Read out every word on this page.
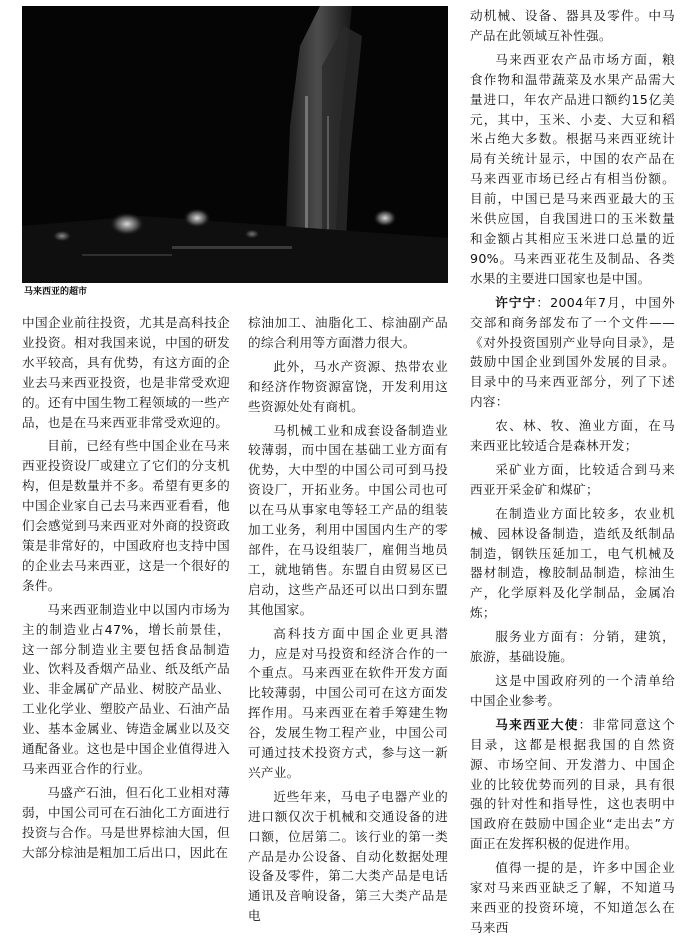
马来西亚的超市

中国企业前往投资，尤其是高科技企业投资。相对我国来说，中国的研发水平较高，具有优势，有这方面的企业去马来西亚投资，也是非常受欢迎的。还有中国生物工程领域的一些产品，也是在马来西亚非常受欢迎的。

目前，已经有些中国企业在马来西亚投资设厂或建立了它们的分支机构，但是数量并不多。希望有更多的中国企业家自己去马来西亚看看，他们会感觉到马来西亚对外商的投资政策是非常好的，中国政府也支持中国的企业去马来西亚，这是一个很好的条件。

马来西亚制造业中以国内市场为主的制造业占47%，增长前景佳，这一部分制造业主要包括食品制造业、饮料及香烟产品业、纸及纸产品业、非金属矿产品业、树胶产品业、工业化学业、塑胶产品业、石油产品业、基本金属业、铸造金属业以及交通配备业。这也是中国企业值得进入马来西亚合作的行业。

马盛产石油，但石化工业相对薄弱，中国公司可在石油化工方面进行投资与合作。马是世界棕油大国，但大部分棕油是粗加工后出口，因此在

棕油加工、油脂化工、棕油副产品的综合利用等方面潜力很大。

此外，马水产资源、热带农业和经济作物资源富饶，开发利用这些资源处处有商机。

马机械工业和成套设备制造业较薄弱，而中国在基础工业方面有优势，大中型的中国公司可到马投资设厂，开拓业务。中国公司也可以在马从事家电等轻工产品的组装加工业务，利用中国国内生产的零部件，在马设组装厂，雇佣当地员工，就地销售。东盟自由贸易区已启动，这些产品还可以出口到东盟其他国家。

高科技方面中国企业更具潜力，应是对马投资和经济合作的一个重点。马来西亚在软件开发方面比较薄弱，中国公司可在这方面发挥作用。马来西亚在着手筹建生物谷，发展生物工程产业，中国公司可通过技术投资方式，参与这一新兴产业。

近些年来，马电子电器产业的进口额仅次于机械和交通设备的进口额，位居第二。该行业的第一类产品是办公设备、自动化数据处理设备及零件，第二大类产品是电话通讯及音响设备，第三大类产品是电

动机械、设备、器具及零件。中马产品在此领域互补性强。

马来西亚农产品市场方面，粮食作物和温带蔬菜及水果产品需大量进口，年农产品进口额约15亿美元，其中，玉米、小麦、大豆和稻米占绝大多数。根据马来西亚统计局有关统计显示，中国的农产品在马来西亚市场已经占有相当份额。目前，中国已是马来西亚最大的玉米供应国，自我国进口的玉米数量和金额占其相应玉米进口总量的近90%。马来西亚花生及制品、各类水果的主要进口国家也是中国。

许宁宁：2004年7月，中国外交部和商务部发布了一个文件——《对外投资国别产业导向目录》，是鼓励中国企业到国外发展的目录。目录中的马来西亚部分，列了下述内容：

农、林、牧、渔业方面，在马来西亚比较适合是森林开发；

采矿业方面，比较适合到马来西亚开采金矿和煤矿；

在制造业方面比较多，农业机械、园林设备制造，造纸及纸制品制造，钢铁压延加工，电气机械及器材制造，橡胶制品制造，棕油生产，化学原料及化学制品，金属冶炼；

服务业方面有：分销，建筑，旅游，基础设施。

这是中国政府列的一个清单给中国企业参考。

马来西亚大使：非常同意这个目录，这都是根据我国的自然资源、市场空间、开发潜力、中国企业的比较优势而列的目录，具有很强的针对性和指导性，这也表明中国政府在鼓励中国企业“走出去”方面正在发挥积极的促进作用。

值得一提的是，许多中国企业家对马来西亚缺乏了解，不知道马来西亚的投资环境，不知道怎么在马来西
